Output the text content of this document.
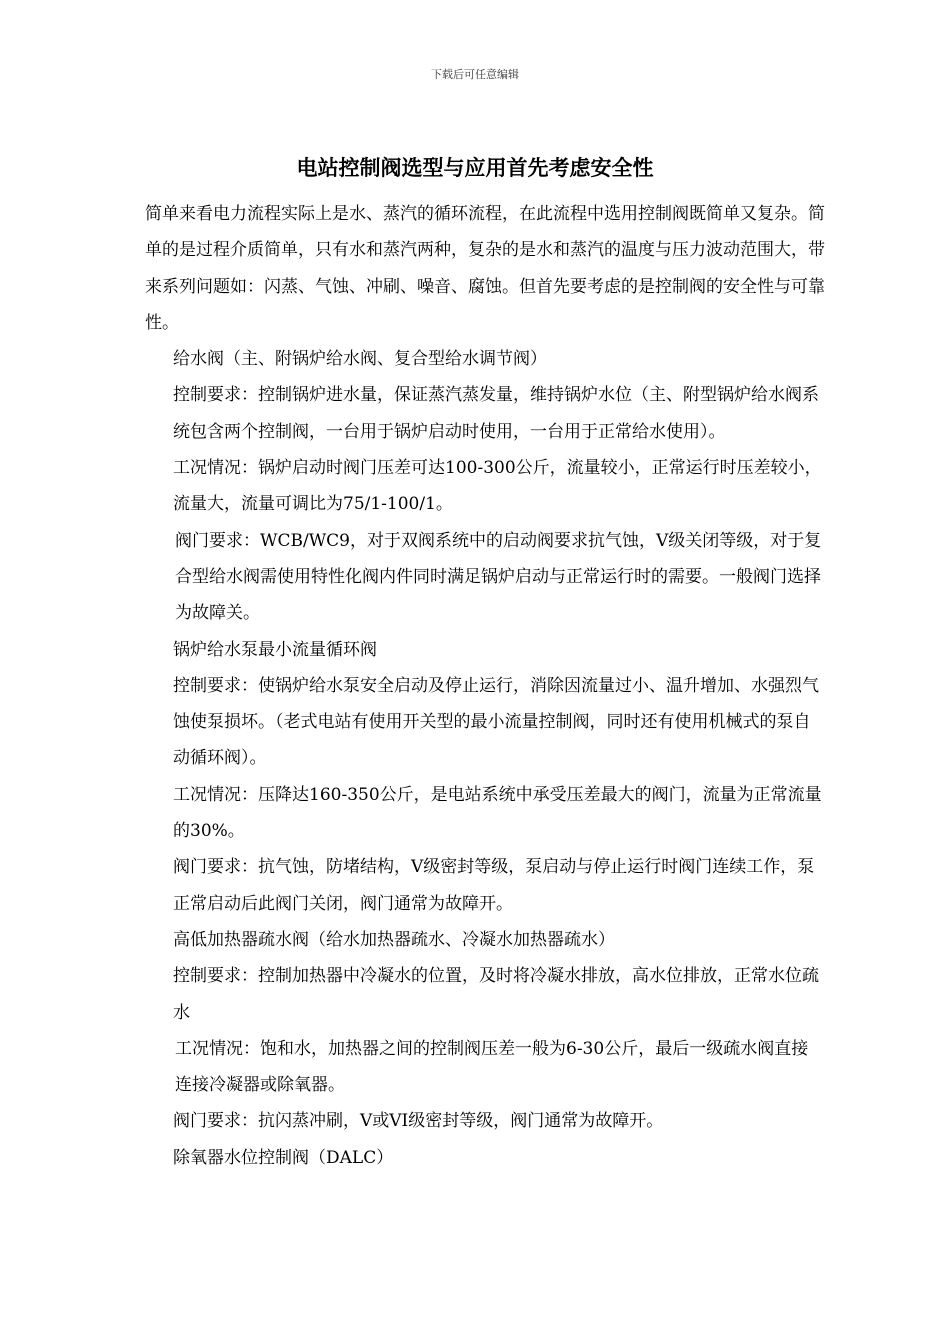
下载后可任意编辑
电站控制阀选型与应用首先考虑安全性

简单来看电力流程实际上是水、蒸汽的循环流程，在此流程中选用控制阀既简单又复杂。简单的是过程介质简单，只有水和蒸汽两种，复杂的是水和蒸汽的温度与压力波动范围大，带来系列问题如：闪蒸、气蚀、冲刷、噪音、腐蚀。但首先要考虑的是控制阀的安全性与可靠性。

给水阀（主、附锅炉给水阀、复合型给水调节阀）

控制要求：控制锅炉进水量，保证蒸汽蒸发量，维持锅炉水位（主、附型锅炉给水阀系统包含两个控制阀，一台用于锅炉启动时使用，一台用于正常给水使用）。

工况情况：锅炉启动时阀门压差可达100-300公斤，流量较小，正常运行时压差较小，流量大，流量可调比为75/1-100/1。

阀门要求：WCB/WC9，对于双阀系统中的启动阀要求抗气蚀，V级关闭等级，对于复合型给水阀需使用特性化阀内件同时满足锅炉启动与正常运行时的需要。一般阀门选择为故障关。

锅炉给水泵最小流量循环阀

控制要求：使锅炉给水泵安全启动及停止运行，消除因流量过小、温升增加、水强烈气蚀使泵损坏。（老式电站有使用开关型的最小流量控制阀，同时还有使用机械式的泵自动循环阀）。

工况情况：压降达160-350公斤，是电站系统中承受压差最大的阀门，流量为正常流量的30%。

阀门要求：抗气蚀，防堵结构，V级密封等级，泵启动与停止运行时阀门连续工作，泵正常启动后此阀门关闭，阀门通常为故障开。

高低加热器疏水阀（给水加热器疏水、冷凝水加热器疏水）

控制要求：控制加热器中冷凝水的位置，及时将冷凝水排放，高水位排放，正常水位疏水

工况情况：饱和水，加热器之间的控制阀压差一般为6-30公斤，最后一级疏水阀直接连接冷凝器或除氧器。

阀门要求：抗闪蒸冲刷，V或VI级密封等级，阀门通常为故障开。

除氧器水位控制阀（DALC）
